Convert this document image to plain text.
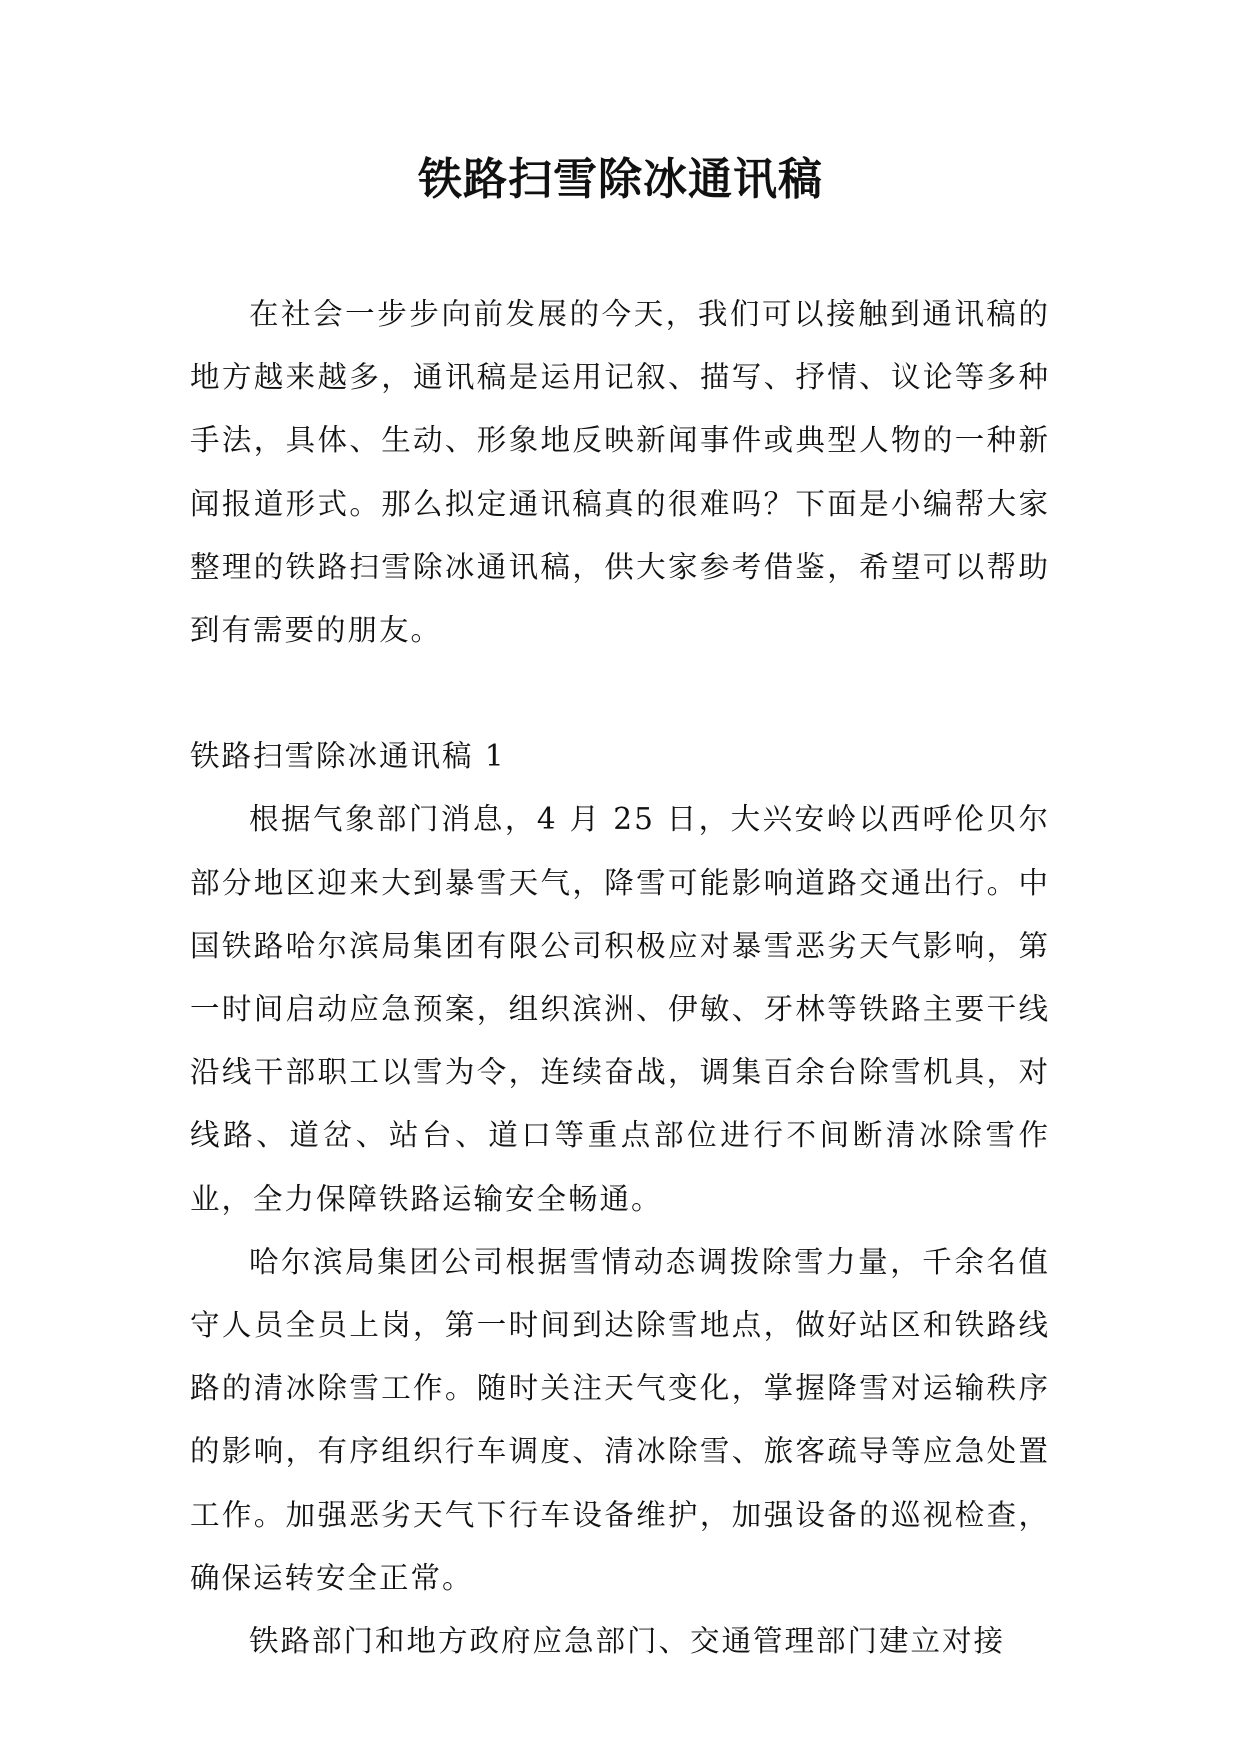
铁路扫雪除冰通讯稿

在社会一步步向前发展的今天，我们可以接触到通讯稿的地方越来越多，通讯稿是运用记叙、描写、抒情、议论等多种手法，具体、生动、形象地反映新闻事件或典型人物的一种新闻报道形式。那么拟定通讯稿真的很难吗？下面是小编帮大家整理的铁路扫雪除冰通讯稿，供大家参考借鉴，希望可以帮助到有需要的朋友。

铁路扫雪除冰通讯稿 1

根据气象部门消息，4 月 25 日，大兴安岭以西呼伦贝尔部分地区迎来大到暴雪天气，降雪可能影响道路交通出行。中国铁路哈尔滨局集团有限公司积极应对暴雪恶劣天气影响，第一时间启动应急预案，组织滨洲、伊敏、牙林等铁路主要干线沿线干部职工以雪为令，连续奋战，调集百余台除雪机具，对线路、道岔、站台、道口等重点部位进行不间断清冰除雪作业，全力保障铁路运输安全畅通。

哈尔滨局集团公司根据雪情动态调拨除雪力量，千余名值守人员全员上岗，第一时间到达除雪地点，做好站区和铁路线路的清冰除雪工作。随时关注天气变化，掌握降雪对运输秩序的影响，有序组织行车调度、清冰除雪、旅客疏导等应急处置工作。加强恶劣天气下行车设备维护，加强设备的巡视检查，确保运转安全正常。

铁路部门和地方政府应急部门、交通管理部门建立对接
